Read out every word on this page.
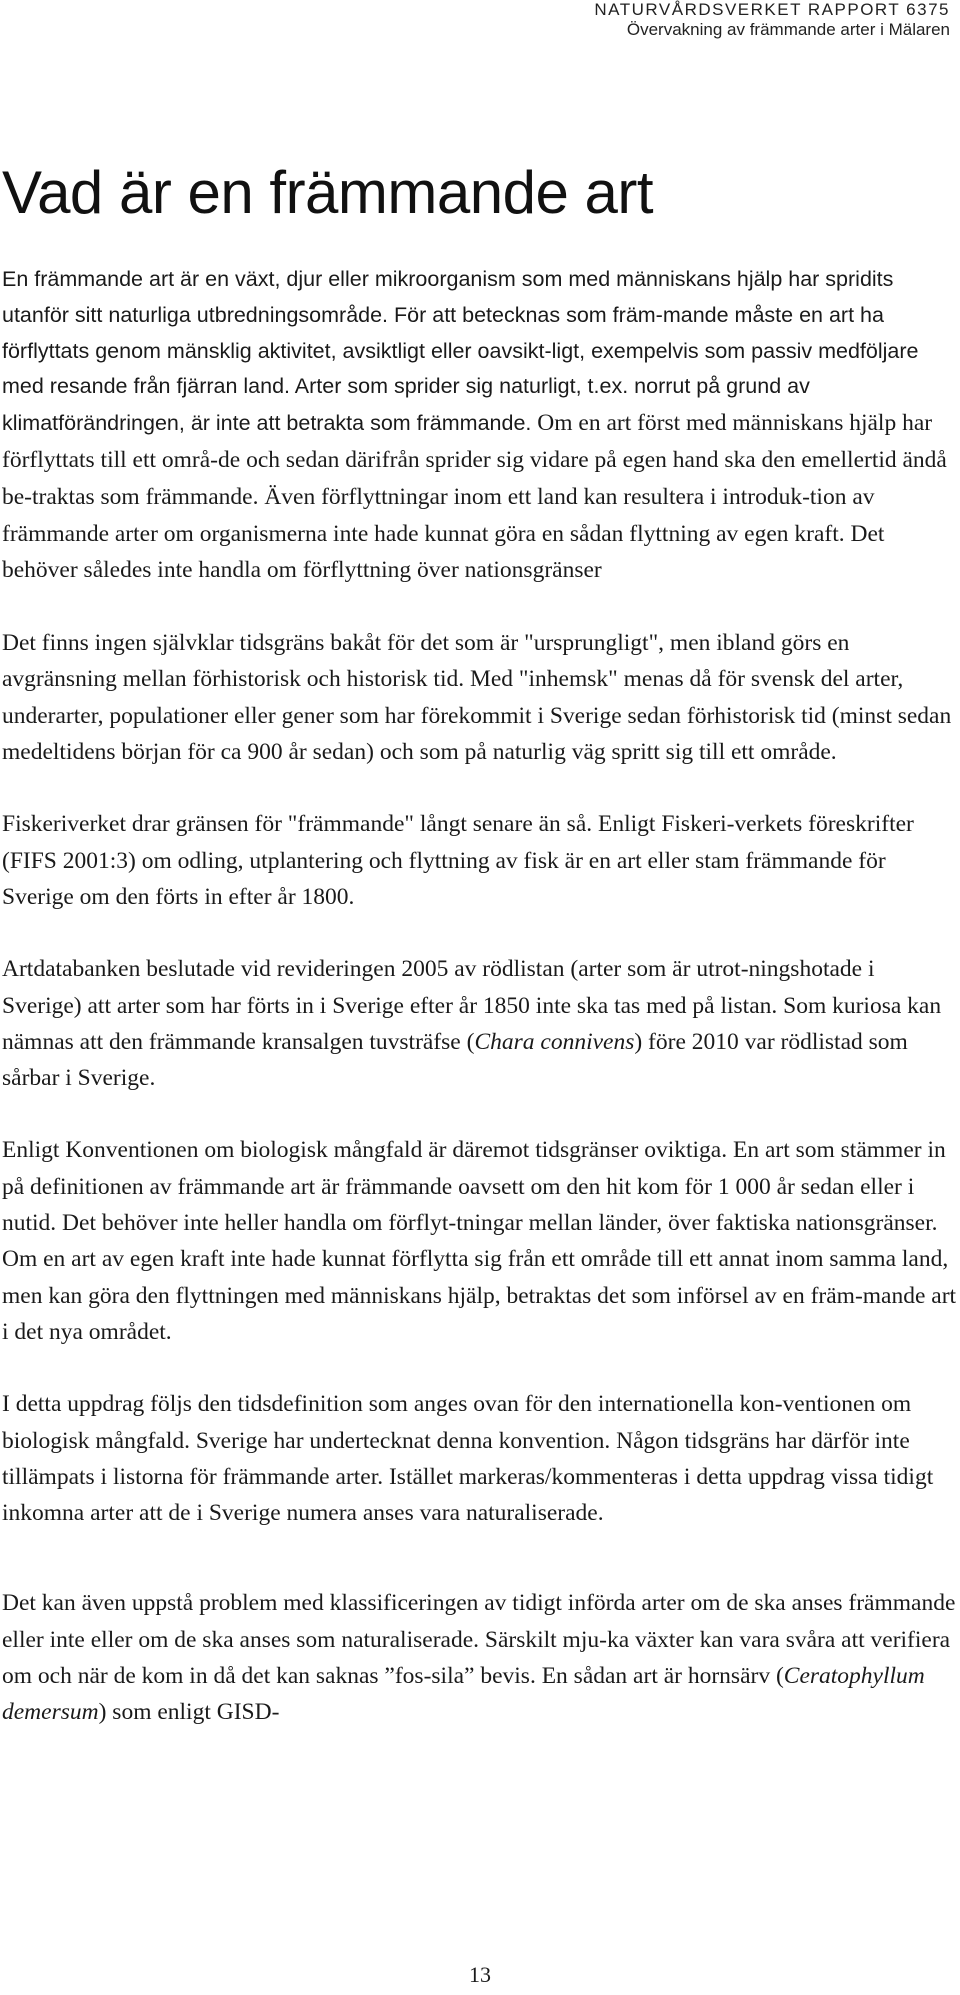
NATURVÅRDSVERKET RAPPORT 6375
Övervakning av främmande arter i Mälaren
Vad är en främmande art

En främmande art är en växt, djur eller mikroorganism som med människans hjälp har spridits utanför sitt naturliga utbredningsområde. För att betecknas som främ-mande måste en art ha förflyttats genom mänsklig aktivitet, avsiktligt eller oavsikt-ligt, exempelvis som passiv medföljare med resande från fjärran land. Arter som sprider sig naturligt, t.ex. norrut på grund av klimatförändringen, är inte att betrakta som främmande. Om en art först med människans hjälp har förflyttats till ett områ-de och sedan därifrån sprider sig vidare på egen hand ska den emellertid ändå be-traktas som främmande. Även förflyttningar inom ett land kan resultera i introduk-tion av främmande arter om organismerna inte hade kunnat göra en sådan flyttning av egen kraft. Det behöver således inte handla om förflyttning över nationsgränser

Det finns ingen självklar tidsgräns bakåt för det som är "ursprungligt", men ibland görs en avgränsning mellan förhistorisk och historisk tid. Med "inhemsk" menas då för svensk del arter, underarter, populationer eller gener som har förekommit i Sverige sedan förhistorisk tid (minst sedan medeltidens början för ca 900 år sedan) och som på naturlig väg spritt sig till ett område.

Fiskeriverket drar gränsen för "främmande" långt senare än så. Enligt Fiskeri-verkets föreskrifter (FIFS 2001:3) om odling, utplantering och flyttning av fisk är en art eller stam främmande för Sverige om den förts in efter år 1800.

Artdatabanken beslutade vid revideringen 2005 av rödlistan (arter som är utrot-ningshotade i Sverige) att arter som har förts in i Sverige efter år 1850 inte ska tas med på listan. Som kuriosa kan nämnas att den främmande kransalgen tuvsträfse (Chara connivens) före 2010 var rödlistad som sårbar i Sverige.

Enligt Konventionen om biologisk mångfald är däremot tidsgränser oviktiga. En art som stämmer in på definitionen av främmande art är främmande oavsett om den hit kom för 1 000 år sedan eller i nutid. Det behöver inte heller handla om förflyt-tningar mellan länder, över faktiska nationsgränser. Om en art av egen kraft inte hade kunnat förflytta sig från ett område till ett annat inom samma land, men kan göra den flyttningen med människans hjälp, betraktas det som införsel av en främ-mande art i det nya området.

I detta uppdrag följs den tidsdefinition som anges ovan för den internationella kon-ventionen om biologisk mångfald. Sverige har undertecknat denna konvention. Någon tidsgräns har därför inte tillämpats i listorna för främmande arter. Istället markeras/kommenteras i detta uppdrag vissa tidigt inkomna arter att de i Sverige numera anses vara naturaliserade.

Det kan även uppstå problem med klassificeringen av tidigt införda arter om de ska anses främmande eller inte eller om de ska anses som naturaliserade. Särskilt mju-ka växter kan vara svåra att verifiera om och när de kom in då det kan saknas ”fos-sila” bevis. En sådan art är hornsärv (Ceratophyllum demersum) som enligt GISD-

13
